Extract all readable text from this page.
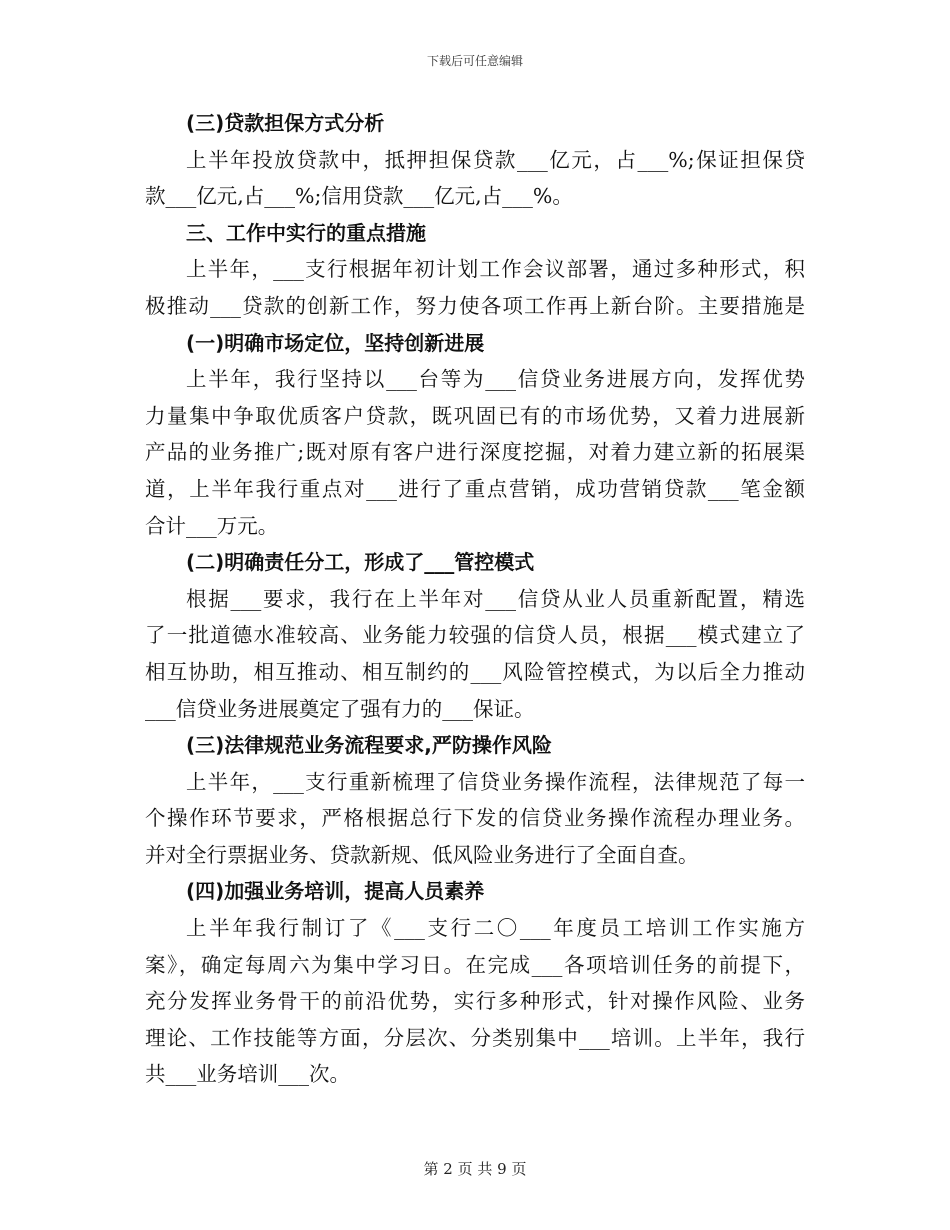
下载后可任意编辑
(三)贷款担保方式分析
上半年投放贷款中，抵押担保贷款___亿元，占___%;保证担保贷
款___亿元,占___%;信用贷款___亿元,占___%。
三、工作中实行的重点措施
上半年，___支行根据年初计划工作会议部署，通过多种形式，积
极推动___贷款的创新工作，努力使各项工作再上新台阶。主要措施是
(一)明确市场定位，坚持创新进展
上半年，我行坚持以___台等为___信贷业务进展方向，发挥优势
力量集中争取优质客户贷款，既巩固已有的市场优势，又着力进展新
产品的业务推广;既对原有客户进行深度挖掘，对着力建立新的拓展渠
道，上半年我行重点对___进行了重点营销，成功营销贷款___笔金额
合计___万元。
(二)明确责任分工，形成了___管控模式
根据___要求，我行在上半年对___信贷从业人员重新配置，精选
了一批道德水准较高、业务能力较强的信贷人员，根据___模式建立了
相互协助，相互推动、相互制约的___风险管控模式，为以后全力推动
___信贷业务进展奠定了强有力的___保证。
(三)法律规范业务流程要求,严防操作风险
上半年，___支行重新梳理了信贷业务操作流程，法律规范了每一
个操作环节要求，严格根据总行下发的信贷业务操作流程办理业务。
并对全行票据业务、贷款新规、低风险业务进行了全面自查。
(四)加强业务培训，提高人员素养
上半年我行制订了《___支行二〇___年度员工培训工作实施方
案》，确定每周六为集中学习日。在完成___各项培训任务的前提下，
充分发挥业务骨干的前沿优势，实行多种形式，针对操作风险、业务
理论、工作技能等方面，分层次、分类别集中___培训。上半年，我行
共___业务培训___次。
第 2 页 共 9 页
